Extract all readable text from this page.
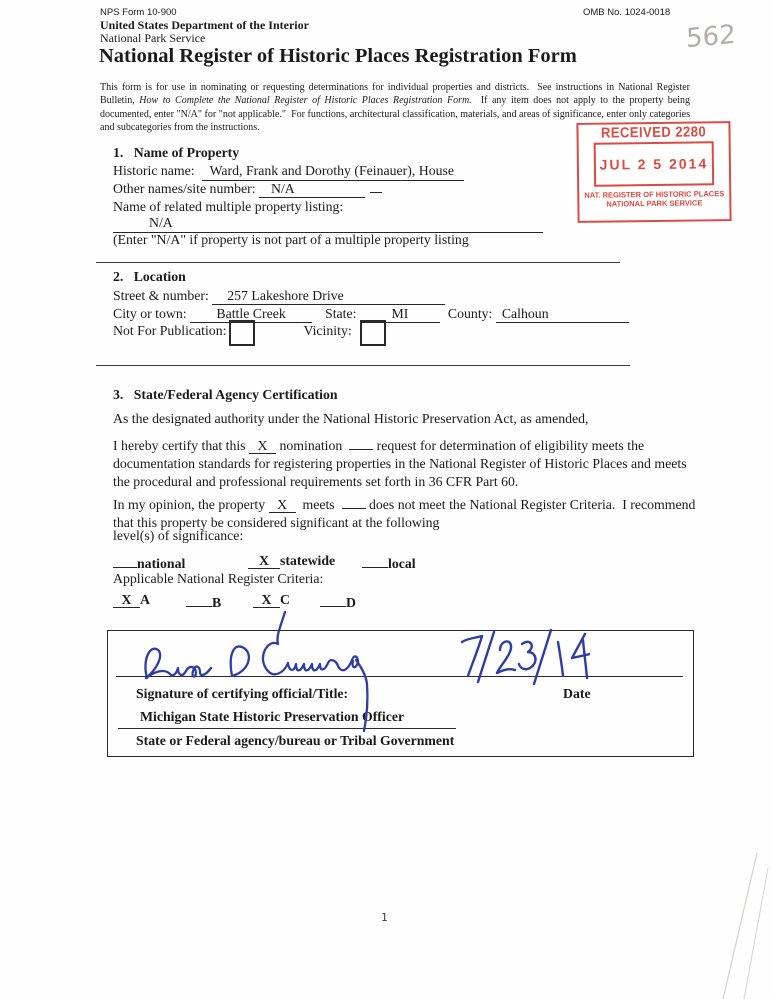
NPS Form 10-900	OMB No. 1024-0018
United States Department of the Interior
National Park Service
National Register of Historic Places Registration Form
This form is for use in nominating or requesting determinations for individual properties and districts.  See instructions in National Register Bulletin, How to Complete the National Register of Historic Places Registration Form.  If any item does not apply to the property being documented, enter "N/A" for "not applicable."  For functions, architectural classification, materials, and areas of significance, enter only categories and subcategories from the instructions.
562
RECEIVED 2280
JUL 2 5 2014
NAT. REGISTER OF HISTORIC PLACES
NATIONAL PARK SERVICE
1.   Name of Property
Historic name:  Ward, Frank and Dorothy (Feinauer), House
Other names/site number: N/A
Name of related multiple property listing:
N/A
(Enter "N/A" if property is not part of a multiple property listing
2.   Location
Street & number: 257 Lakeshore Drive
City or town: Battle Creek	State: MI	County: Calhoun
Not For Publication:	Vicinity:
3.   State/Federal Agency Certification
As the designated authority under the National Historic Preservation Act, as amended,
I hereby certify that this X nomination   request for determination of eligibility meets the documentation standards for registering properties in the National Register of Historic Places and meets the procedural and professional requirements set forth in 36 CFR Part 60.
In my opinion, the property X  meets   does not meet the National Register Criteria.  I recommend that this property be considered significant at the following
level(s) of significance:
national	X statewide	local
Applicable National Register Criteria:
X A	B	X C	D
Signature of certifying official/Title:	Date
Michigan State Historic Preservation Officer
State or Federal agency/bureau or Tribal Government
1
